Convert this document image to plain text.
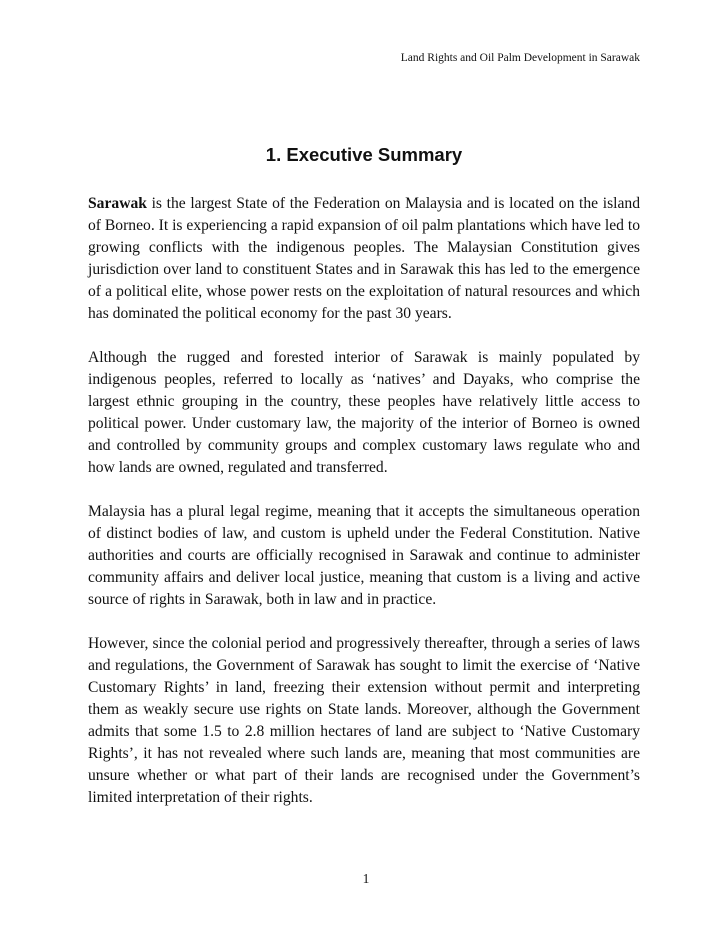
Land Rights and Oil Palm Development in Sarawak
1. Executive Summary

Sarawak is the largest State of the Federation on Malaysia and is located on the island of Borneo. It is experiencing a rapid expansion of oil palm plantations which have led to growing conflicts with the indigenous peoples. The Malaysian Constitution gives jurisdiction over land to constituent States and in Sarawak this has led to the emergence of a political elite, whose power rests on the exploitation of natural resources and which has dominated the political economy for the past 30 years.

Although the rugged and forested interior of Sarawak is mainly populated by indigenous peoples, referred to locally as ‘natives’ and Dayaks, who comprise the largest ethnic grouping in the country, these peoples have relatively little access to political power. Under customary law, the majority of the interior of Borneo is owned and controlled by community groups and complex customary laws regulate who and how lands are owned, regulated and transferred.

Malaysia has a plural legal regime, meaning that it accepts the simultaneous operation of distinct bodies of law, and custom is upheld under the Federal Constitution. Native authorities and courts are officially recognised in Sarawak and continue to administer community affairs and deliver local justice, meaning that custom is a living and active source of rights in Sarawak, both in law and in practice.

However, since the colonial period and progressively thereafter, through a series of laws and regulations, the Government of Sarawak has sought to limit the exercise of ‘Native Customary Rights’ in land, freezing their extension without permit and interpreting them as weakly secure use rights on State lands. Moreover, although the Government admits that some 1.5 to 2.8 million hectares of land are subject to ‘Native Customary Rights’, it has not revealed where such lands are, meaning that most communities are unsure whether or what part of their lands are recognised under the Government’s limited interpretation of their rights.

1
